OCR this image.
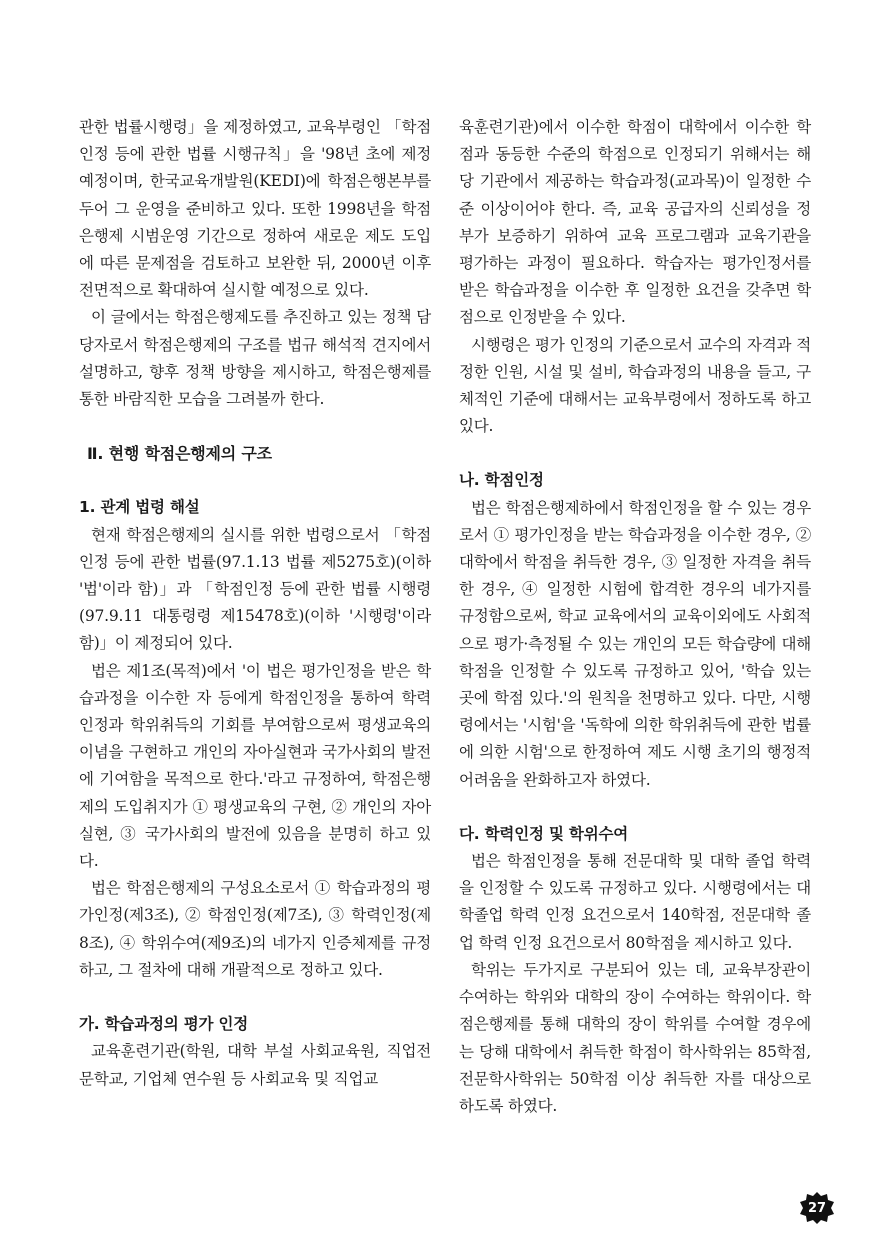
관한 법률시행령」을 제정하였고, 교육부령인 「학점인정 등에 관한 법률 시행규칙」을 '98년 초에 제정 예정이며, 한국교육개발원(KEDI)에 학점은행본부를 두어 그 운영을 준비하고 있다. 또한 1998년을 학점은행제 시범운영 기간으로 정하여 새로운 제도 도입에 따른 문제점을 검토하고 보완한 뒤, 2000년 이후 전면적으로 확대하여 실시할 예정으로 있다.

이 글에서는 학점은행제도를 추진하고 있는 정책 담당자로서 학점은행제의 구조를 법규 해석적 견지에서 설명하고, 향후 정책 방향을 제시하고, 학점은행제를 통한 바람직한 모습을 그려볼까 한다.

Ⅱ. 현행 학점은행제의 구조
1. 관계 법령 해설

현재 학점은행제의 실시를 위한 법령으로서 「학점인정 등에 관한 법률(97.1.13 법률 제5275호)(이하 '법'이라 함)」과 「학점인정 등에 관한 법률 시행령(97.9.11 대통령령 제15478호)(이하 '시행령'이라 함)」이 제정되어 있다.

법은 제1조(목적)에서 '이 법은 평가인정을 받은 학습과정을 이수한 자 등에게 학점인정을 통하여 학력인정과 학위취득의 기회를 부여함으로써 평생교육의 이념을 구현하고 개인의 자아실현과 국가사회의 발전에 기여함을 목적으로 한다.'라고 규정하여, 학점은행제의 도입취지가 ① 평생교육의 구현, ② 개인의 자아실현, ③ 국가사회의 발전에 있음을 분명히 하고 있다.

법은 학점은행제의 구성요소로서 ① 학습과정의 평가인정(제3조), ② 학점인정(제7조), ③ 학력인정(제8조), ④ 학위수여(제9조)의 네가지 인증체제를 규정하고, 그 절차에 대해 개괄적으로 정하고 있다.

가. 학습과정의 평가 인정

교육훈련기관(학원, 대학 부설 사회교육원, 직업전문학교, 기업체 연수원 등 사회교육 및 직업교

육훈련기관)에서 이수한 학점이 대학에서 이수한 학점과 동등한 수준의 학점으로 인정되기 위해서는 해당 기관에서 제공하는 학습과정(교과목)이 일정한 수준 이상이어야 한다. 즉, 교육 공급자의 신뢰성을 정부가 보증하기 위하여 교육 프로그램과 교육기관을 평가하는 과정이 필요하다. 학습자는 평가인정서를 받은 학습과정을 이수한 후 일정한 요건을 갖추면 학점으로 인정받을 수 있다.

시행령은 평가 인정의 기준으로서 교수의 자격과 적정한 인원, 시설 및 설비, 학습과정의 내용을 들고, 구체적인 기준에 대해서는 교육부령에서 정하도록 하고 있다.

나. 학점인정

법은 학점은행제하에서 학점인정을 할 수 있는 경우로서 ① 평가인정을 받는 학습과정을 이수한 경우, ② 대학에서 학점을 취득한 경우, ③ 일정한 자격을 취득한 경우, ④ 일정한 시험에 합격한 경우의 네가지를 규정함으로써, 학교 교육에서의 교육이외에도 사회적으로 평가·측정될 수 있는 개인의 모든 학습량에 대해 학점을 인정할 수 있도록 규정하고 있어, '학습 있는 곳에 학점 있다.'의 원칙을 천명하고 있다. 다만, 시행령에서는 '시험'을 '독학에 의한 학위취득에 관한 법률에 의한 시험'으로 한정하여 제도 시행 초기의 행정적 어려움을 완화하고자 하였다.

다. 학력인정 및 학위수여

법은 학점인정을 통해 전문대학 및 대학 졸업 학력을 인정할 수 있도록 규정하고 있다. 시행령에서는 대학졸업 학력 인정 요건으로서 140학점, 전문대학 졸업 학력 인정 요건으로서 80학점을 제시하고 있다.

학위는 두가지로 구분되어 있는 데, 교육부장관이 수여하는 학위와 대학의 장이 수여하는 학위이다. 학점은행제를 통해 대학의 장이 학위를 수여할 경우에는 당해 대학에서 취득한 학점이 학사학위는 85학점, 전문학사학위는 50학점 이상 취득한 자를 대상으로 하도록 하였다.

27
